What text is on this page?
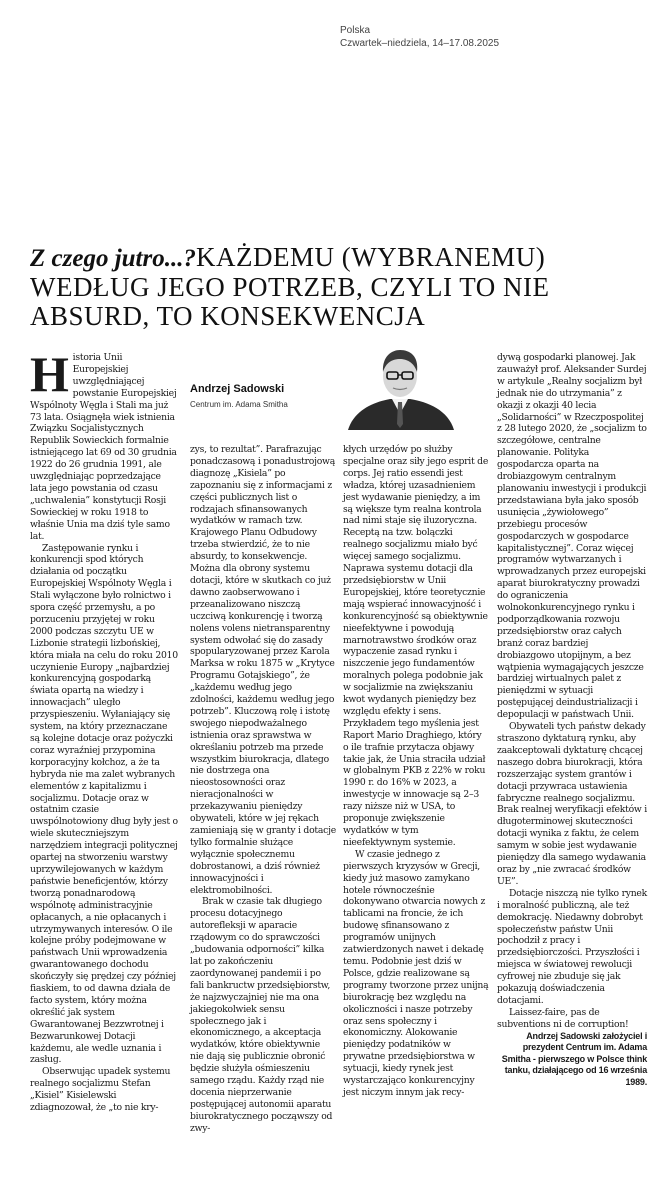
Polska
Czwartek–niedziela, 14–17.08.2025
Z czego jutro...?KAŻDEMU (WYBRANEMU) WEDŁUG JEGO POTRZEB, CZYLI TO NIE ABSURD, TO KONSEKWENCJA
Andrzej Sadowski
Centrum im. Adama Smitha

Historia Unii Europejskiej uwzględniającej powstanie Europejskiej Wspólnoty Węgla i Stali ma już 73 lata. Osiągnęła wiek istnienia Związku Socjalistycznych Republik Sowieckich formalnie istniejącego lat 69 od 30 grudnia 1922 do 26 grudnia 1991, ale uwzględniając poprzedzające lata jego powstania od czasu „uchwalenia” konstytucji Rosji Sowieckiej w roku 1918 to właśnie Unia ma dziś tyle samo lat.

Zastępowanie rynku i konkurencji spod których działania od początku Europejskiej Wspólnoty Węgla i Stali wyłączone było rolnictwo i spora część przemysłu, a po porzuceniu przyjętej w roku 2000 podczas szczytu UE w Lizbonie strategii lizbońskiej, która miała na celu do roku 2010 uczynienie Europy „najbardziej konkurencyjną gospodarką świata opartą na wiedzy i innowacjach” uległo przyspieszeniu. Wyłaniający się system, na który przeznaczane są kolejne dotacje oraz pożyczki coraz wyraźniej przypomina korporacyjny kołchoz, a że ta hybryda nie ma zalet wybranych elementów z kapitalizmu i socjalizmu. Dotacje oraz w ostatnim czasie uwspólnotowiony dług były jest o wiele skuteczniejszym narzędziem integracji politycznej opartej na stworzeniu warstwy uprzywilejowanych w każdym państwie beneficjentów, którzy tworzą ponadnarodową wspólnotę administracyjnie opłacanych, a nie opłacanych i utrzymywanych interesów. O ile kolejne próby podejmowane w państwach Unii wprowadzenia gwarantowanego dochodu skończyły się prędzej czy później fiaskiem, to od dawna działa de facto system, który można określić jak system Gwarantowanej Bezzwrotnej i Bezwarunkowej Dotacji każdemu, ale wedle uznania i zasług.

Obserwując upadek systemu realnego socjalizmu Stefan „Kisiel” Kisielewski zdiagnozował, że „to nie kry-

zys, to rezultat”. Parafrazując ponadczasową i ponadustrojową diagnozę „Kisiela” po zapoznaniu się z informacjami z części publicznych list o rodzajach sfinansowanych wydatków w ramach tzw. Krajowego Planu Odbudowy trzeba stwierdzić, że to nie absurdy, to konsekwencje. Można dla obrony systemu dotacji, które w skutkach co już dawno zaobserwowano i przeanalizowano niszczą uczciwą konkurencję i tworzą nolens volens nietransparentny system odwołać się do zasady spopularyzowanej przez Karola Marksa w roku 1875 w „Krytyce Programu Gotajskiego”, że „każdemu według jego zdolności, każdemu według jego potrzeb”. Kluczową rolę i istotę swojego niepodważalnego istnienia oraz sprawstwa w określaniu potrzeb ma przede wszystkim biurokracja, dlatego nie dostrzega ona nieostosowności oraz nieracjonalności w przekazywaniu pieniędzy obywateli, które w jej rękach zamieniają się w granty i dotacje tylko formalnie służące wyłącznie społecznemu dobrostanowi, a dziś również innowacyjności i elektromobilności.

Brak w czasie tak długiego procesu dotacyjnego autorefleksji w aparacie rządowym co do sprawczości „budowania odporności” kilka lat po zakończeniu zaordynowanej pandemii i po fali bankructw przedsiębiorstw, że najzwyczajniej nie ma ona jakiegokolwiek sensu społecznego jak i ekonomicznego, a akceptacja wydatków, które obiektywnie nie dają się publicznie obronić będzie służyła ośmieszeniu samego rządu. Każdy rząd nie docenia nieprzerwanie postępującej autonomii aparatu biurokratycznego począwszy od zwy-

kłych urzędów po służby specjalne oraz siły jego esprit de corps. Jej ratio essendi jest władza, której uzasadnieniem jest wydawanie pieniędzy, a im są większe tym realna kontrola nad nimi staje się iluzoryczna. Receptą na tzw. bolączki realnego socjalizmu miało być więcej samego socjalizmu. Naprawa systemu dotacji dla przedsiębiorstw w Unii Europejskiej, które teoretycznie mają wspierać innowacyjność i konkurencyjność są obiektywnie nieefektywne i powodują marnotrawstwo środków oraz wypaczenie zasad rynku i niszczenie jego fundamentów moralnych polega podobnie jak w socjalizmie na zwiększaniu kwot wydanych pieniędzy bez względu efekty i sens. Przykładem tego myślenia jest Raport Mario Draghiego, który o ile trafnie przytacza objawy takie jak, że Unia straciła udział w globalnym PKB z 22% w roku 1990 r. do 16% w 2023, a inwestycje w innowacje są 2–3 razy niższe niż w USA, to proponuje zwiększenie wydatków w tym nieefektywnym systemie.

W czasie jednego z pierwszych kryzysów w Grecji, kiedy już masowo zamykano hotele równocześnie dokonywano otwarcia nowych z tablicami na froncie, że ich budowę sfinansowano z programów unijnych zatwierdzonych nawet i dekadę temu. Podobnie jest dziś w Polsce, gdzie realizowane są programy tworzone przez unijną biurokrację bez względu na okoliczności i nasze potrzeby oraz sens społeczny i ekonomiczny. Alokowanie pieniędzy podatników w prywatne przedsiębiorstwa w sytuacji, kiedy rynek jest wystarczająco konkurencyjny jest niczym innym jak recy-

dywą gospodarki planowej. Jak zauważył prof. Aleksander Surdej w artykule „Realny socjalizm był jednak nie do utrzymania” z okazji z okazji 40 lecia „Solidarności” w Rzeczpospolitej z 28 lutego 2020, że „socjalizm to szczegółowe, centralne planowanie. Polityka gospodarcza oparta na drobiazgowym centralnym planowaniu inwestycji i produkcji przedstawiana była jako sposób usunięcia „żywiołowego” przebiegu procesów gospodarczych w gospodarce kapitalistycznej”. Coraz więcej programów wytwarzanych i wprowadzanych przez europejski aparat biurokratyczny prowadzi do ograniczenia wolnokonkurencyjnego rynku i podporządkowania rozwoju przedsiębiorstw oraz całych branż coraz bardziej drobiazgowo utopijnym, a bez wątpienia wymagających jeszcze bardziej wirtualnych palet z pieniędzmi w sytuacji postępującej deindustrializacji i depopulacji w państwach Unii.

Obywateli tych państw dekady straszono dyktaturą rynku, aby zaakceptowali dyktaturę chcącej naszego dobra biurokracji, która rozszerzając system grantów i dotacji przywraca ustawienia fabryczne realnego socjalizmu. Brak realnej weryfikacji efektów i długoterminowej skuteczności dotacji wynika z faktu, że celem samym w sobie jest wydawanie pieniędzy dla samego wydawania oraz by „nie zwracać środków UE”.

Dotacje niszczą nie tylko rynek i moralność publiczną, ale też demokrację. Niedawny dobrobyt społeczeństw państw Unii pochodził z pracy i przedsiębiorczości. Przyszłości i miejsca w światowej rewolucji cyfrowej nie zbuduje się jak pokazują doświadczenia dotacjami.

Laissez-faire, pas de subventions ni de corruption!

Andrzej Sadowski założyciel i prezydent Centrum im. Adama Smitha - pierwszego w Polsce think tanku, działającego od 16 września 1989.
